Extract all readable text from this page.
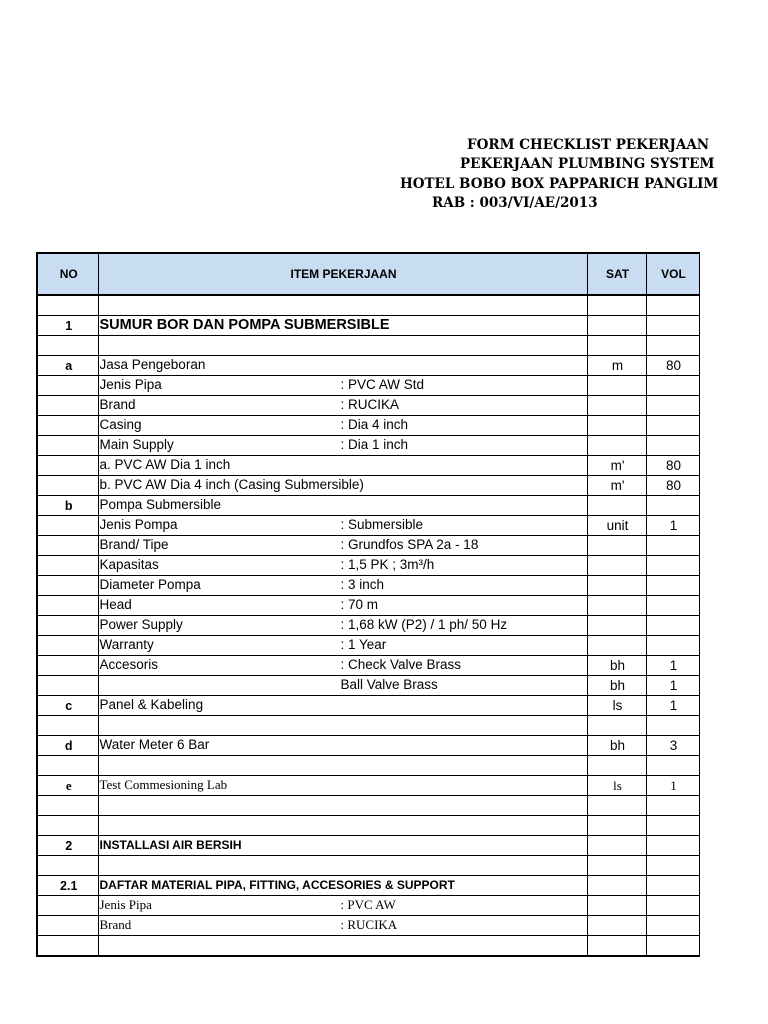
FORM CHECKLIST PEKERJAAN
PEKERJAAN PLUMBING SYSTEM
HOTEL BOBO BOX PAPPARICH PANGLIM
RAB : 003/VI/AE/2013
NO	ITEM PEKERJAAN	SAT	VOL

1	SUMUR BOR DAN POMPA SUBMERSIBLE		

a	Jasa Pengeboran	m	80

	Jenis Pipa : PVC AW Std		

	Brand : RUCIKA		

	Casing : Dia 4 inch		

	Main Supply : Dia 1 inch		

	a. PVC AW Dia 1 inch	m'	80

	b. PVC AW Dia 4 inch (Casing Submersible)	m'	80
b	Pompa Submersible		

	Jenis Pompa : Submersible	unit	1

	Brand/ Tipe : Grundfos SPA 2a - 18		

	Kapasitas : 1,5 PK ; 3m³/h		

	Diameter Pompa : 3 inch		

	Head : 70 m		

	Power Supply : 1,68 kW (P2) / 1 ph/ 50 Hz		

	Warranty : 1 Year		

	Accesoris : Check Valve Brass	bh	1

	Ball Valve Brass	bh	1
c	Panel & Kabeling	ls	1

d	Water Meter 6 Bar	bh	3

e	Test Commesioning Lab	ls	1

2	INSTALLASI AIR BERSIH		

2.1	DAFTAR MATERIAL PIPA, FITTING, ACCESORIES & SUPPORT		

	Jenis Pipa : PVC AW		

	Brand : RUCIKA		
